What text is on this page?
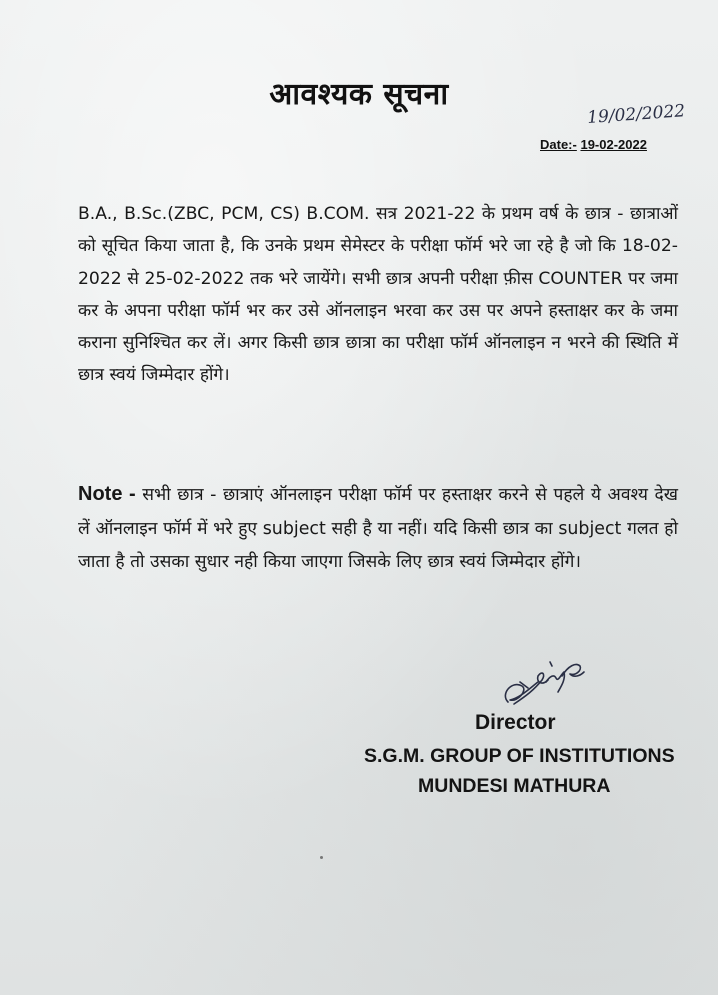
आवश्यक सूचना
19/02/2022
Date:- 19-02-2022

B.A., B.Sc.(ZBC, PCM, CS) B.COM. सत्र 2021-22 के प्रथम वर्ष के छात्र - छात्राओं को सूचित किया जाता है, कि उनके प्रथम सेमेस्टर के परीक्षा फॉर्म भरे जा रहे है जो कि 18-02-2022 से 25-02-2022 तक भरे जायेंगे। सभी छात्र अपनी परीक्षा फ़ीस COUNTER पर जमा कर के अपना परीक्षा फॉर्म भर कर उसे ऑनलाइन भरवा कर उस पर अपने हस्ताक्षर कर के जमा कराना सुनिश्चित कर लें। अगर किसी छात्र छात्रा का परीक्षा फॉर्म ऑनलाइन न भरने की स्थिति में छात्र स्वयं जिम्मेदार होंगे।

Note - सभी छात्र - छात्राएं ऑनलाइन परीक्षा फॉर्म पर हस्ताक्षर करने से पहले ये अवश्य देख लें ऑनलाइन फॉर्म में भरे हुए subject सही है या नहीं। यदि किसी छात्र का subject गलत हो जाता है तो उसका सुधार नही किया जाएगा जिसके लिए छात्र स्वयं जिम्मेदार होंगे।

Director
S.G.M. GROUP OF INSTITUTIONS
MUNDESI MATHURA
